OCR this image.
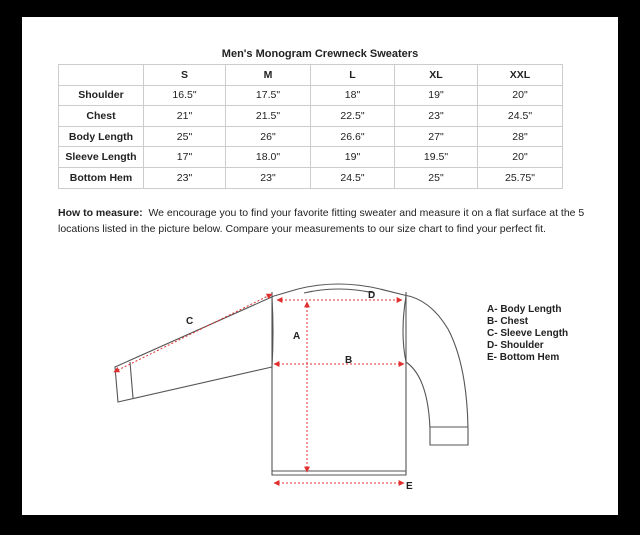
Men's Monogram Crewneck Sweaters
	S	M	L	XL	XXL
Shoulder	16.5"	17.5"	18"	19"	20"
Chest	21"	21.5"	22.5"	23"	24.5"
Body Length	25"	26"	26.6"	27"	28"
Sleeve Length	17"	18.0"	19"	19.5"	20"
Bottom Hem	23"	23"	24.5"	25"	25.75"
How to measure: We encourage you to find your favorite fitting sweater and measure it on a flat surface at the 5 locations listed in the picture below. Compare your measurements to our size chart to find your perfect fit.
C
A
B
D
E
A- Body Length
B- Chest
C- Sleeve Length
D- Shoulder
E- Bottom Hem
